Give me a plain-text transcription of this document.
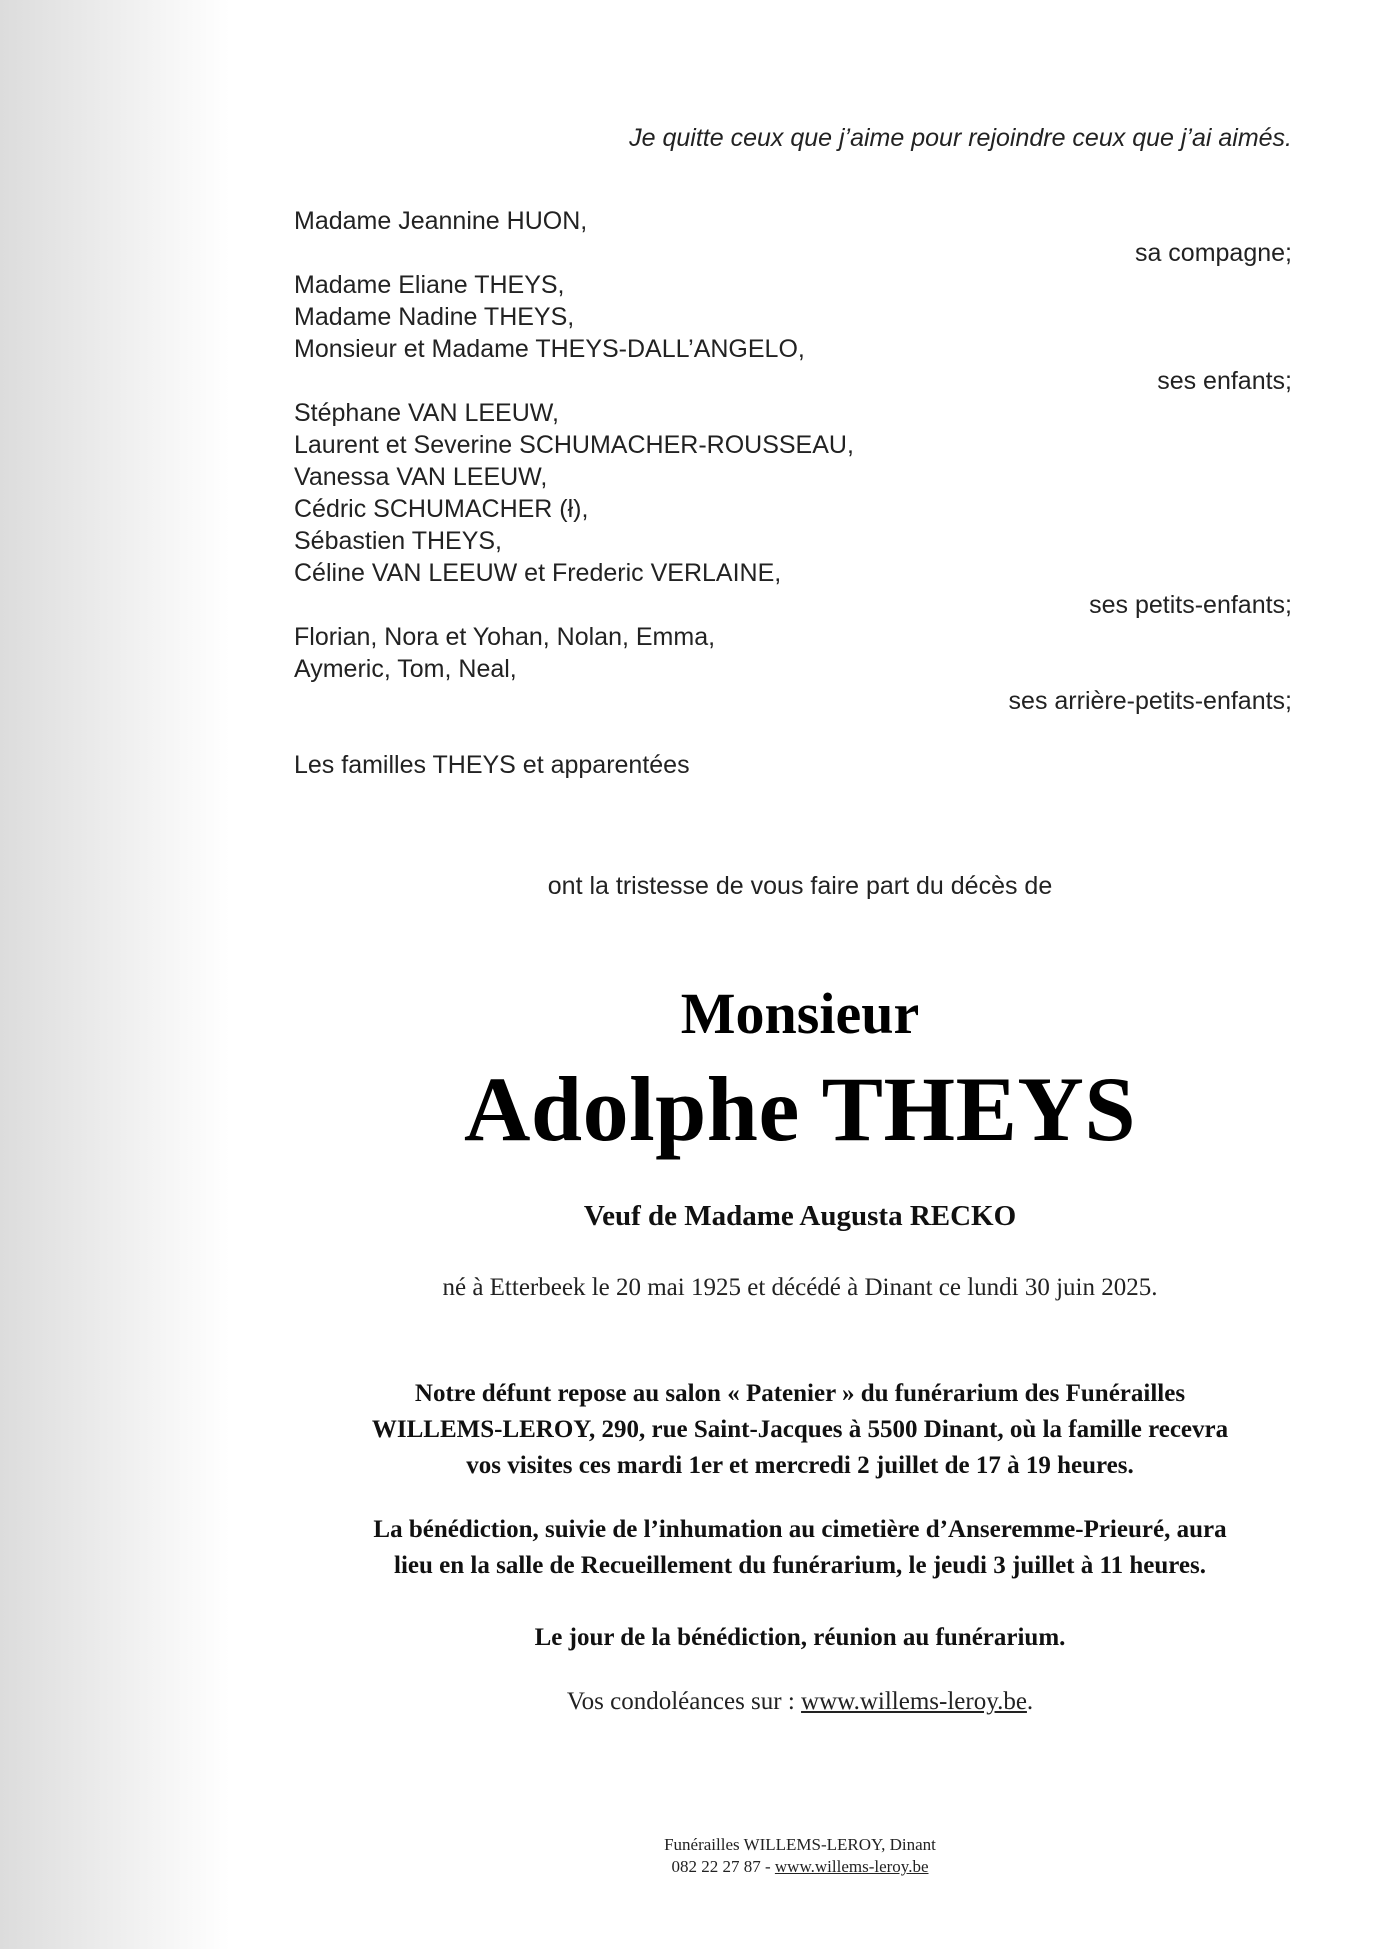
Je quitte ceux que j’aime pour rejoindre ceux que j’ai aimés.
Madame Jeannine HUON,
sa compagne;
Madame Eliane THEYS,
Madame Nadine THEYS,
Monsieur et Madame THEYS-DALL’ANGELO,
ses enfants;
Stéphane VAN LEEUW,
Laurent et Severine SCHUMACHER-ROUSSEAU,
Vanessa VAN LEEUW,
Cédric SCHUMACHER (ł),
Sébastien THEYS,
Céline VAN LEEUW et Frederic VERLAINE,
ses petits-enfants;
Florian, Nora et Yohan, Nolan, Emma,
Aymeric, Tom, Neal,
ses arrière-petits-enfants;
Les familles THEYS et apparentées
ont la tristesse de vous faire part du décès de
Monsieur
Adolphe THEYS
Veuf de Madame Augusta RECKO
né à Etterbeek le 20 mai 1925 et décédé à Dinant ce lundi 30 juin 2025.
Notre défunt repose au salon « Patenier » du funérarium des Funérailles
WILLEMS-LEROY, 290, rue Saint-Jacques à 5500 Dinant, où la famille recevra
vos visites ces mardi 1er et mercredi 2 juillet de 17 à 19 heures.
La bénédiction, suivie de l’inhumation au cimetière d’Anseremme-Prieuré, aura
lieu en la salle de Recueillement du funérarium, le jeudi 3 juillet à 11 heures.
Le jour de la bénédiction, réunion au funérarium.
Vos condoléances sur : www.willems-leroy.be.
Funérailles WILLEMS-LEROY, Dinant
082 22 27 87 - www.willems-leroy.be
